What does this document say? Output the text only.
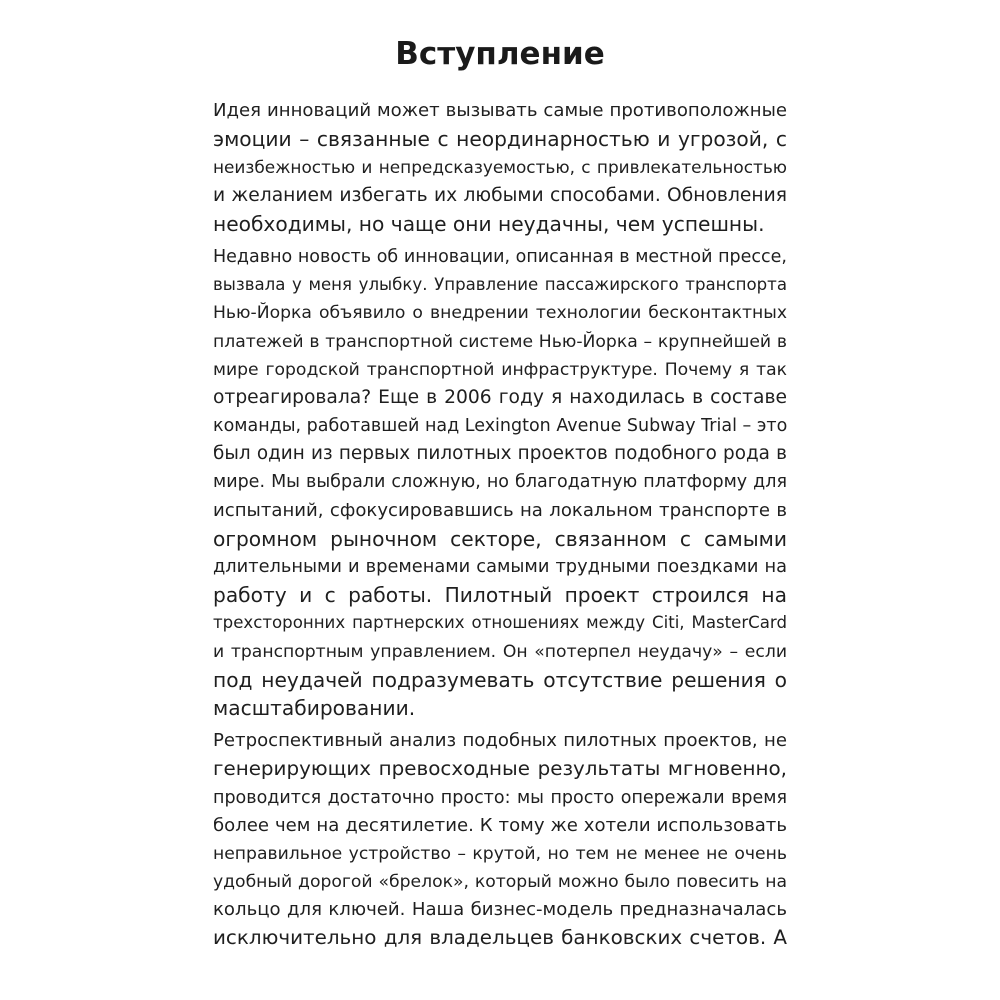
Вступление

Идея инноваций может вызывать самые противоположные
эмоции – связанные с неординарностью и угрозой, с
неизбежностью и непредсказуемостью, с привлекательностью
и желанием избегать их любыми способами. Обновления
необходимы, но чаще они неудачны, чем успешны.

Недавно новость об инновации, описанная в местной прессе,
вызвала у меня улыбку. Управление пассажирского транспорта
Нью-Йорка объявило о внедрении технологии бесконтактных
платежей в транспортной системе Нью-Йорка – крупнейшей в
мире городской транспортной инфраструктуре. Почему я так
отреагировала? Еще в 2006 году я находилась в составе
команды, работавшей над Lexington Avenue Subway Trial – это
был один из первых пилотных проектов подобного рода в
мире. Мы выбрали сложную, но благодатную платформу для
испытаний, сфокусировавшись на локальном транспорте в
огромном рыночном секторе, связанном с самыми
длительными и временами самыми трудными поездками на
работу и с работы. Пилотный проект строился на
трехсторонних партнерских отношениях между Citi, MasterCard
и транспортным управлением. Он «потерпел неудачу» – если
под неудачей подразумевать отсутствие решения о
масштабировании.

Ретроспективный анализ подобных пилотных проектов, не
генерирующих превосходные результаты мгновенно,
проводится достаточно просто: мы просто опережали время
более чем на десятилетие. К тому же хотели использовать
неправильное устройство – крутой, но тем не менее не очень
удобный дорогой «брелок», который можно было повесить на
кольцо для ключей. Наша бизнес-модель предназначалась
исключительно для владельцев банковских счетов. А
